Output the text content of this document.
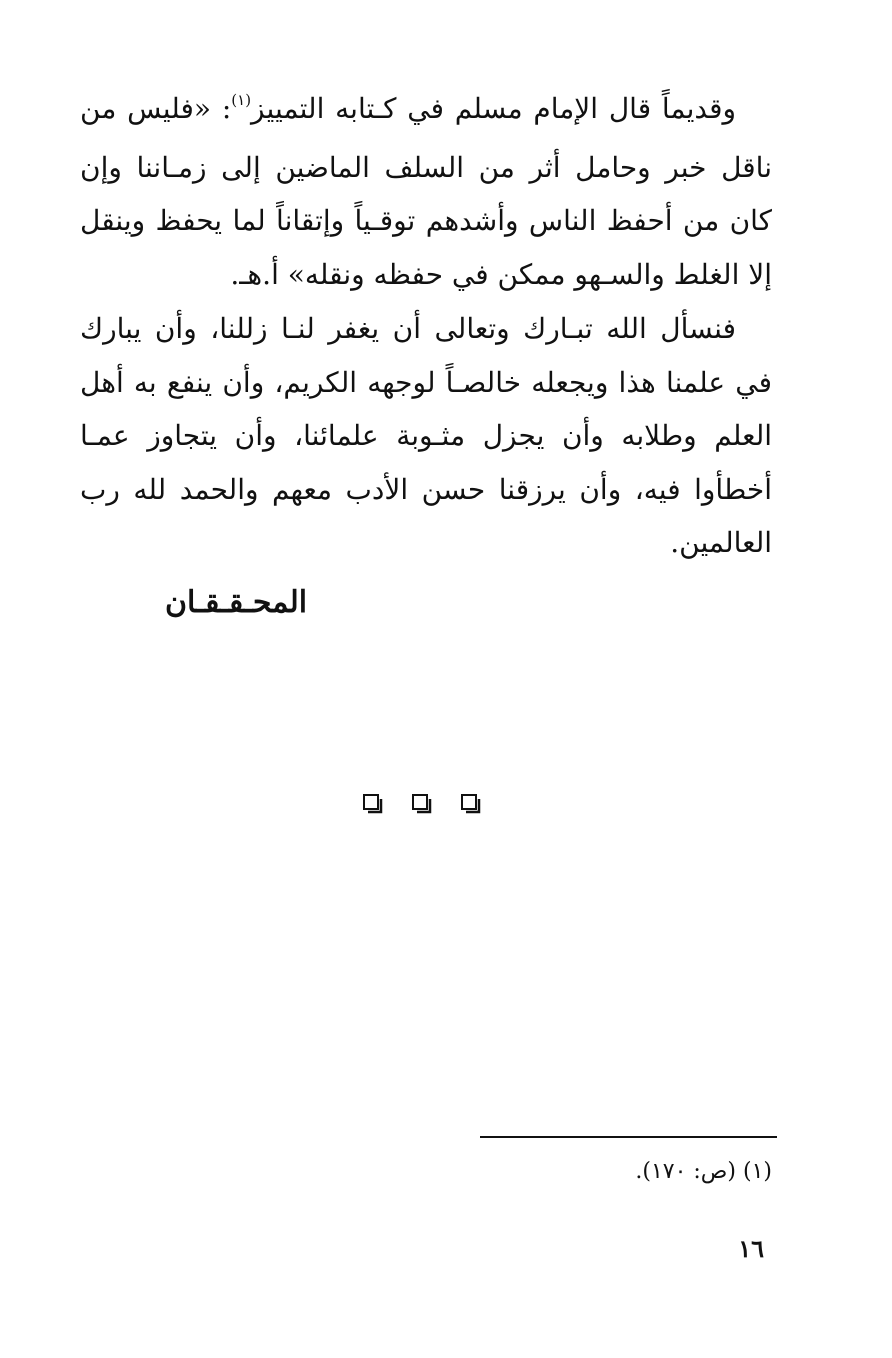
وقديماً قال الإمام مسلم في كـتابه التمييز$^{(١)}$: «فليس من ناقل خبر وحامل أثر من السلف الماضين إلى زمـاننا وإن كان من أحفظ الناس وأشدهم توقـياً وإتقاناً لما يحفظ وينقل إلا الغلط والسـهو ممكن في حفظه ونقله» أ.هـ.

فنسأل الله تبـارك وتعالى أن يغفر لنـا زللنا، وأن يبارك في علمنا هذا ويجعله خالصـاً لوجهه الكريم، وأن ينفع به أهل العلم وطلابه وأن يجزل مثـوبة علمائنا، وأن يتجاوز عمـا أخطأوا فيه، وأن يرزقنا حسن الأدب معهم والحمد لله رب العالمين.

المحـقـقـان
(١) (ص: ١٧٠).
١٦
